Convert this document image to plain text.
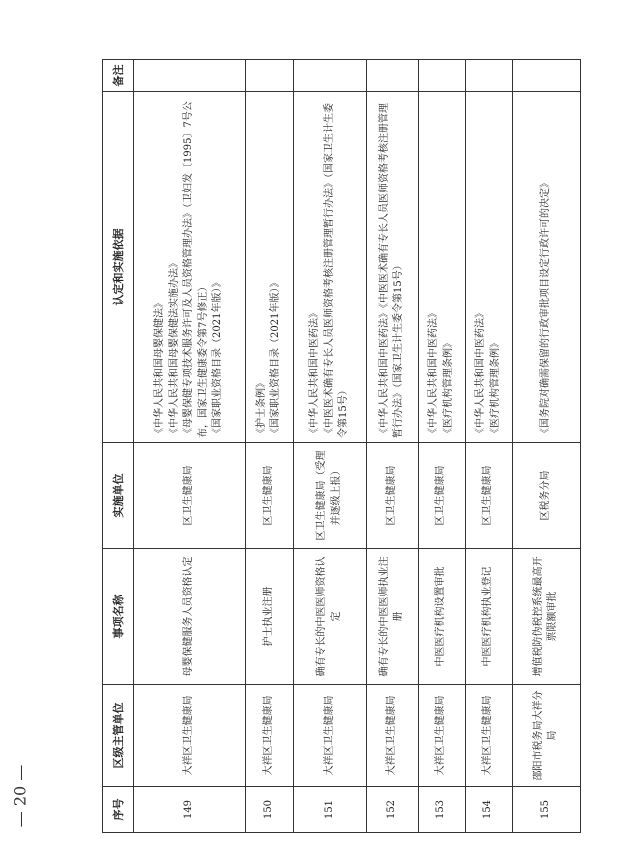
序号	区级主管单位	事项名称	实施单位	认定和实施依据	备注
149	大祥区卫生健康局	母婴保健服务人员资格认定	区卫生健康局	《中华人民共和国母婴保健法》 《中华人民共和国母婴保健法实施办法》 《母婴保健专项技术服务许可及人员资格管理办法》（卫妇发〔1995〕7号公布，国家卫生健康委令第7号修正） 《国家职业资格目录（2021年版）》	

150	大祥区卫生健康局	护士执业注册	区卫生健康局	《护士条例》 《国家职业资格目录（2021年版）》	

151	大祥区卫生健康局	确有专长的中医医师资格认定	区卫生健康局（受理并逐级上报）	《中华人民共和国中医药法》 《中医医术确有专长人员医师资格考核注册管理暂行办法》（国家卫生计生委令第15号）	

152	大祥区卫生健康局	确有专长的中医医师执业注册	区卫生健康局	《中华人民共和国中医药法》《中医医术确有专长人员医师资格考核注册管理暂行办法》（国家卫生计生委令第15号）	

153	大祥区卫生健康局	中医医疗机构设置审批	区卫生健康局	《中华人民共和国中医药法》 《医疗机构管理条例》	

154	大祥区卫生健康局	中医医疗机构执业登记	区卫生健康局	《中华人民共和国中医药法》 《医疗机构管理条例》	

155	邵阳市税务局大祥分局	增值税防伪税控系统最高开票限额审批	区税务分局	《国务院对确需保留的行政审批项目设定行政许可的决定》	

— 20 —
